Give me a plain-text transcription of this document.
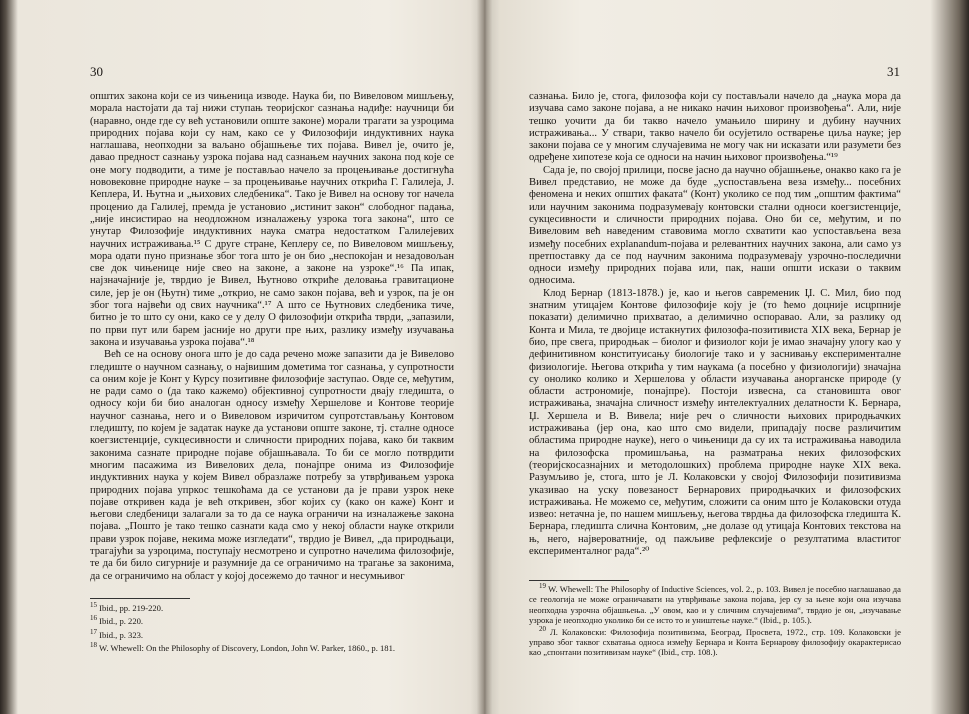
30

општих закона који се из чињеница изводе. Наука би, по Вивеловом мишљењу, морала настојати да тај нижи ступањ теоријског сазнања надиђе: научници би (наравно, онде где су већ установили опште законе) морали трагати за узроцима природних појава који су нам, како се у Филозофији индуктивних наука наглашава, неопходни за ваљано објашњење тих појава. Вивел је, очито је, давао предност сазнању узрока појава над сазнањем научних закона под које се оне могу подводити, а тиме је постављао начело за процењивање достигнућа нововековне природне науке – за процењивање научних открића Г. Галилеја, Ј. Кеплера, И. Њутна и „њихових следбеника“. Тако је Вивел на основу тог начела проценио да Галилеј, премда је установио „истинит закон“ слободног падања, „није инсистирао на неодложном изналажењу узрока тога закона“, што се унутар Филозофије индуктивних наука сматра недостатком Галилејевих научних истраживања.¹⁵ С друге стране, Кеплеру се, по Вивеловом мишљењу, мора одати пуно признање због тога што је он био „неспокојан и незадовољан све док чињенице није свео на законе, а законе на узроке“.¹⁶ Па ипак, најзначајније је, тврдио је Вивел, Њутново откриће деловања гравитационе силе, јер је он (Њутн) тиме „открио, не само закон појава, већ и узрок, па је он због тога највећи од свих научника“.¹⁷ А што се Њутнових следбеника тиче, битно је то што су они, како се у делу О филозофији открића тврди, „запазили, по први пут или барем јасније но други пре њих, разлику између изучавања закона и изучавања узрока појава“.¹⁸

Већ се на основу онога што је до сада речено може запазити да је Вивелово гледиште о научном сазнању, о највишим дометима тог сазнања, у супротности са оним које је Конт у Курсу позитивне филозофије заступао. Овде се, међутим, не ради само о (да тако кажемо) објективној супротности двају гледишта, о односу који би био аналоган односу између Хершелове и Контове теорије научног сазнања, него и о Вивеловом изричитом супротстављању Контовом гледишту, по којем је задатак науке да установи опште законе, тј. сталне односе коегзистенције, сукцесивности и сличности природних појава, како би таквим законима сазнате природне појаве објашњавала. То би се могло потврдити многим пасажима из Вивелових дела, понајпре онима из Филозофије индуктивних наука у којем Вивел образлаже потребу за утврђивањем узрока природних појава упркос тешкоћама да се установи да је прави узрок неке појаве откривен када је већ откривен, због којих су (како он каже) Конт и његови следбеници залагали за то да се наука ограничи на изналажење закона појава. „Пошто је тако тешко сазнати када смо у некој области науке открили прави узрок појаве, некима може изгледати“, тврдио је Вивел, „да природњаци, трагајући за узроцима, поступају несмотрено и супротно начелима филозофије, те да би било сигурније и разумније да се ограничимо на трагање за законима, да се ограничимо на област у којој досежемо до тачног и несумњивог

$^{15}$ Ibid., pp. 219-220.
$^{16}$ Ibid., p. 220.
$^{17}$ Ibid., p. 323.
$^{18}$ W. Whewell: On the Philosophy of Discovery, London, John W. Parker, 1860., p. 181.
31

сазнања. Било је, стога, филозофа који су постављали начело да „наука мора да изучава само законе појава, а не никако начин њиховог произвођења“. Али, није тешко уочити да би такво начело умањило ширину и дубину научних истраживања... У ствари, такво начело би осујетило остварење циља науке; јер закони појава се у многим случајевима не могу чак ни исказати или разумети без одређене хипотезе која се односи на начин њиховог произвођења.“¹⁹

Сада је, по својој прилици, посве јасно да научно објашњење, онакво како га је Вивел представио, не може да буде „успостављена веза између... посебних феномена и неких општих факата“ (Конт) уколико се под тим „општим фактима“ или научним законима подразумевају контовски стални односи коегзистенције, сукцесивности и сличности природних појава. Оно би се, међутим, и по Вивеловим већ наведеним ставовима могло схватити као успостављена веза између посебних explanandum-појава и релевантних научних закона, али само уз претпоставку да се под научним законима подразумевају узрочно-последични односи између природних појава или, пак, наши општи искази о таквим односима.

Клод Бернар (1813-1878.) је, као и његов савременик Џ. С. Мил, био под знатним утицајем Контове филозофије коју је (то ћемо доцније исцрпније показати) делимично прихватао, а делимично оспоравао. Али, за разлику од Конта и Мила, те двојице истакнутих филозофа-позитивиста XIX века, Бернар је био, пре свега, природњак – биолог и физиолог који је имао значајну улогу као у дефинитивном конституисању биологије тако и у заснивању експерименталне физиологије. Његова открића у тим наукама (а посебно у физиологији) значајна су онолико колико и Хершелова у области изучавања анорганске природе (у области астрономије, понајпре). Постоји извесна, са становишта овог истраживања, значајна сличност између интелектуалних делатности К. Бернара, Џ. Хершела и В. Вивела; није реч о сличности њихових природњачких истраживања (јер она, као што смо видели, припадају посве различитим областима природне науке), него о чињеници да су их та истраживања наводила на филозофска промишљања, на разматрања неких филозофских (теоријскосазнајних и методолошких) проблема природне науке XIX века. Разумљиво је, стога, што је Л. Колаковски у својој Филозофији позитивизма указивао на уску повезаност Бернарових природњачких и филозофских истраживања. Не можемо се, међутим, сложити са оним што је Колаковски отуда извео: нетачна је, по нашем мишљењу, његова тврдња да филозофска гледишта К. Бернара, гледишта слична Контовим, „не долазе од утицаја Контових текстова на њ, него, највероватније, од пажљиве рефлексије о резултатима властитог експерименталног рада“.²⁰

$^{19}$ W. Whewell: The Philosophy of Inductive Sciences, vol. 2., p. 103. Вивел је посебно наглашавао да се геологија не може ограничавати на утврђивање закона појава, јер су за њене који она изучава неопходна узрочна објашњења. „У овом, као и у сличним случајевима“, тврдио је он, „изучавање узрока је неопходно уколико би се исто то и уништење науке.“ (Ibid., p. 105.).
$^{20}$ Л. Колаковски: Филозофија позитивизма, Београд, Просвета, 1972., стр. 109. Колаковски је управо због таквог схватања односа између Бернара и Конта Бернарову филозофију окарактерисао као „спонтани позитивизам науке“ (Ibid., стр. 108.).
